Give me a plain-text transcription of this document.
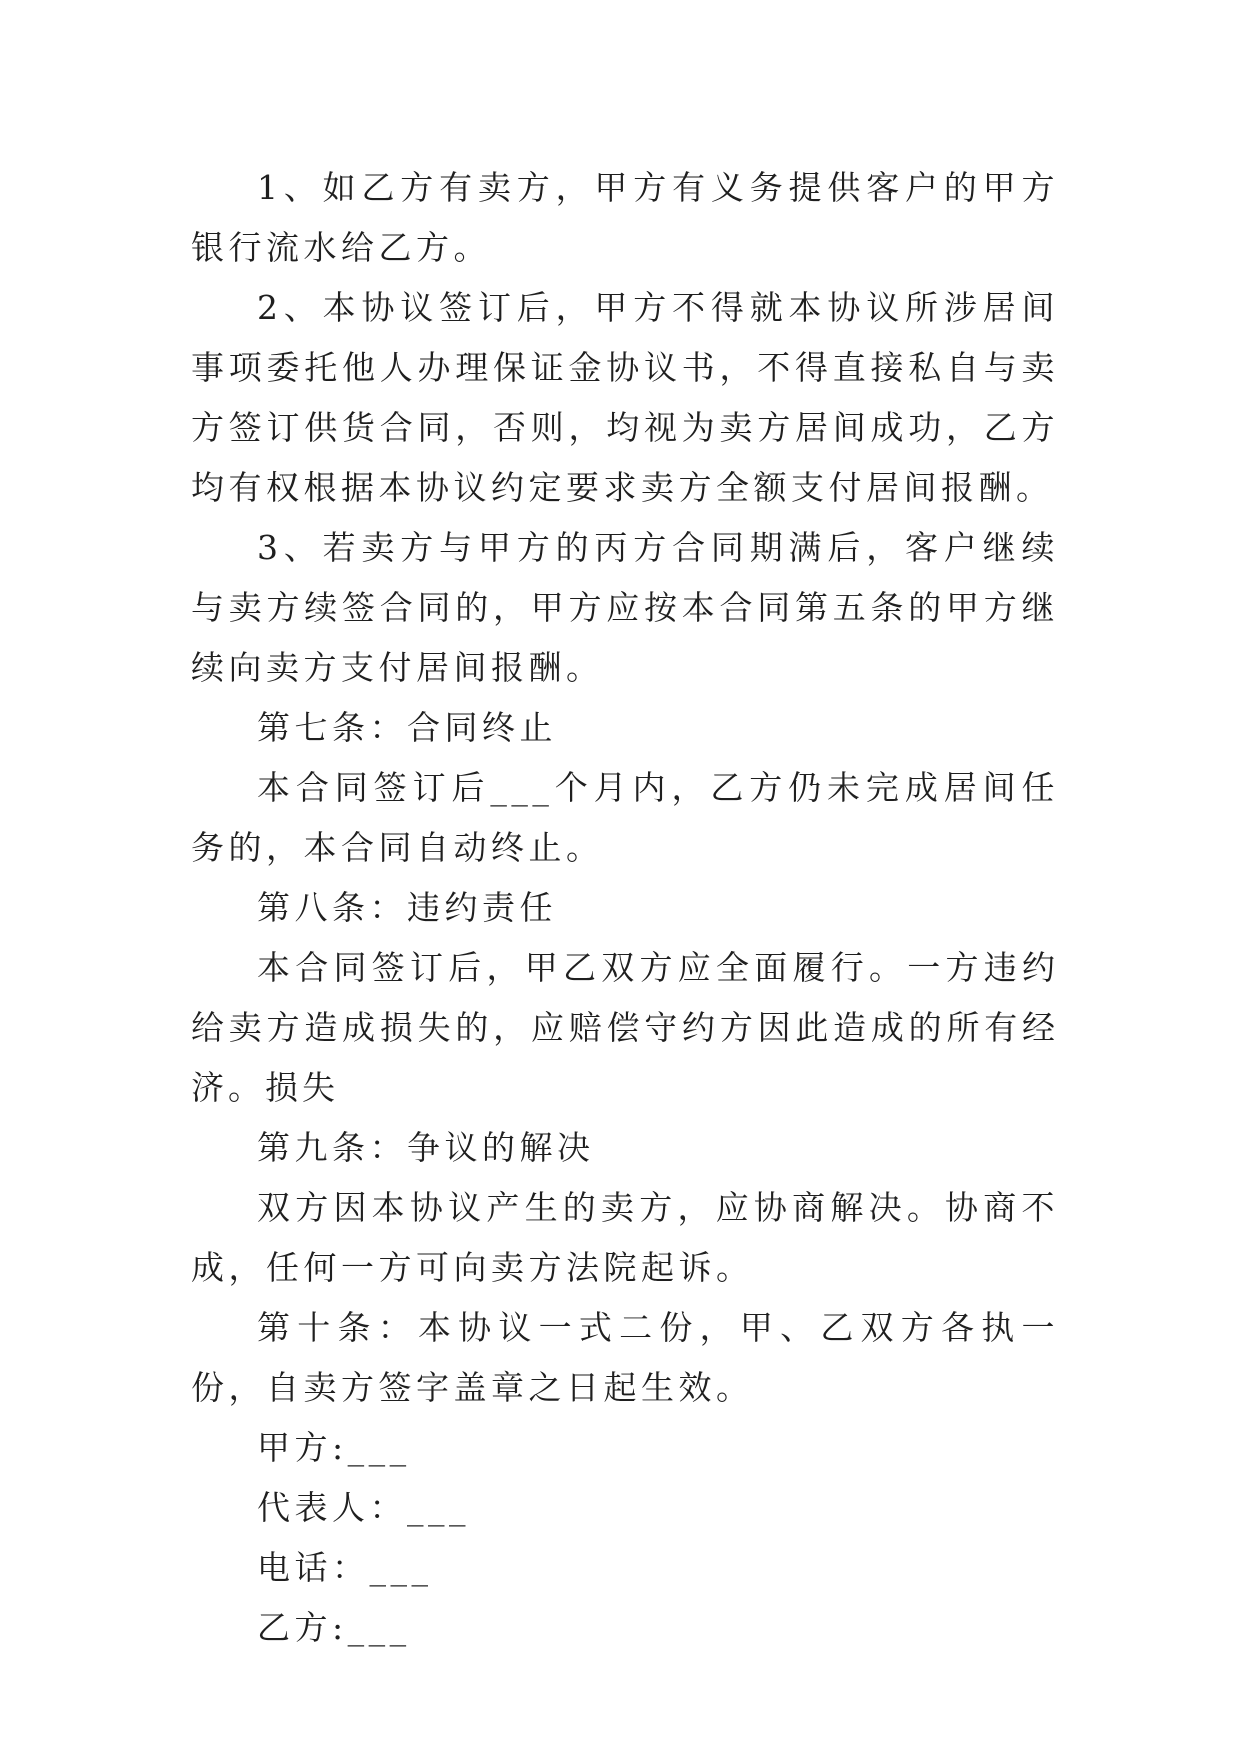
1、如乙方有卖方，甲方有义务提供客户的甲方银行流水给乙方。

2、本协议签订后，甲方不得就本协议所涉居间事项委托他人办理保证金协议书，不得直接私自与卖方签订供货合同，否则，均视为卖方居间成功，乙方均有权根据本协议约定要求卖方全额支付居间报酬。

3、若卖方与甲方的丙方合同期满后，客户继续与卖方续签合同的，甲方应按本合同第五条的甲方继续向卖方支付居间报酬。

第七条：合同终止

本合同签订后___个月内，乙方仍未完成居间任务的，本合同自动终止。

第八条：违约责任

本合同签订后，甲乙双方应全面履行。一方违约给卖方造成损失的，应赔偿守约方因此造成的所有经济。损失

第九条：争议的解决

双方因本协议产生的卖方，应协商解决。协商不成，任何一方可向卖方法院起诉。

第十条：本协议一式二份，甲、乙双方各执一份，自卖方签字盖章之日起生效。

甲方:___

代表人：___

电话：___

乙方:___
